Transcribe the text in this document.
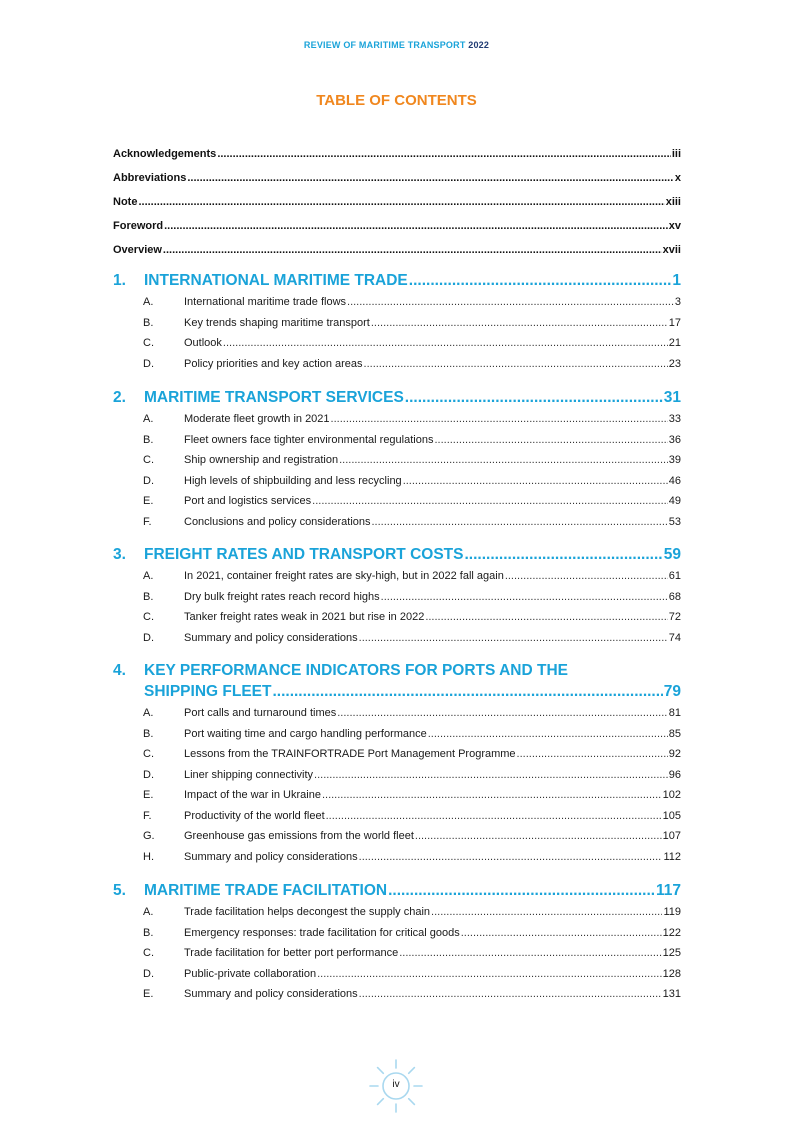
REVIEW OF MARITIME TRANSPORT 2022
TABLE OF CONTENTS
Acknowledgements .....	iii
Abbreviations .....	x
Note .....	xiii
Foreword .....	xv
Overview .....	xvii
1.	INTERNATIONAL MARITIME TRADE .....	1
A.	International maritime trade flows .....	3
B.	Key trends shaping maritime transport .....	17
C.	Outlook .....	21
D.	Policy priorities and key action areas .....	23
2.	MARITIME TRANSPORT SERVICES .....	31
A.	Moderate fleet growth in 2021 .....	33
B.	Fleet owners face tighter environmental regulations .....	36
C.	Ship ownership and registration .....	39
D.	High levels of shipbuilding and less recycling .....	46
E.	Port and logistics services .....	49
F.	Conclusions and policy considerations .....	53
3.	FREIGHT RATES AND TRANSPORT COSTS .....	59
A.	In 2021, container freight rates are sky-high, but in 2022 fall again .....	61
B.	Dry bulk freight rates reach record highs .....	68
C.	Tanker freight rates weak in 2021 but rise in 2022 .....	72
D.	Summary and policy considerations .....	74
4.	KEY PERFORMANCE INDICATORS FOR PORTS AND THE
SHIPPING FLEET .....	79
A.	Port calls and turnaround times .....	81
B.	Port waiting time and cargo handling performance .....	85
C.	Lessons from the TRAINFORTRADE Port Management Programme .....	92
D.	Liner shipping connectivity .....	96
E.	Impact of the war in Ukraine .....	102
F.	Productivity of the world fleet .....	105
G.	Greenhouse gas emissions from the world fleet .....	107
H.	Summary and policy considerations .....	112
5.	MARITIME TRADE FACILITATION .....	117
A.	Trade facilitation helps decongest the supply chain .....	119
B.	Emergency responses: trade facilitation for critical goods .....	122
C.	Trade facilitation for better port performance .....	125
D.	Public-private collaboration .....	128
E.	Summary and policy considerations .....	131
iv
